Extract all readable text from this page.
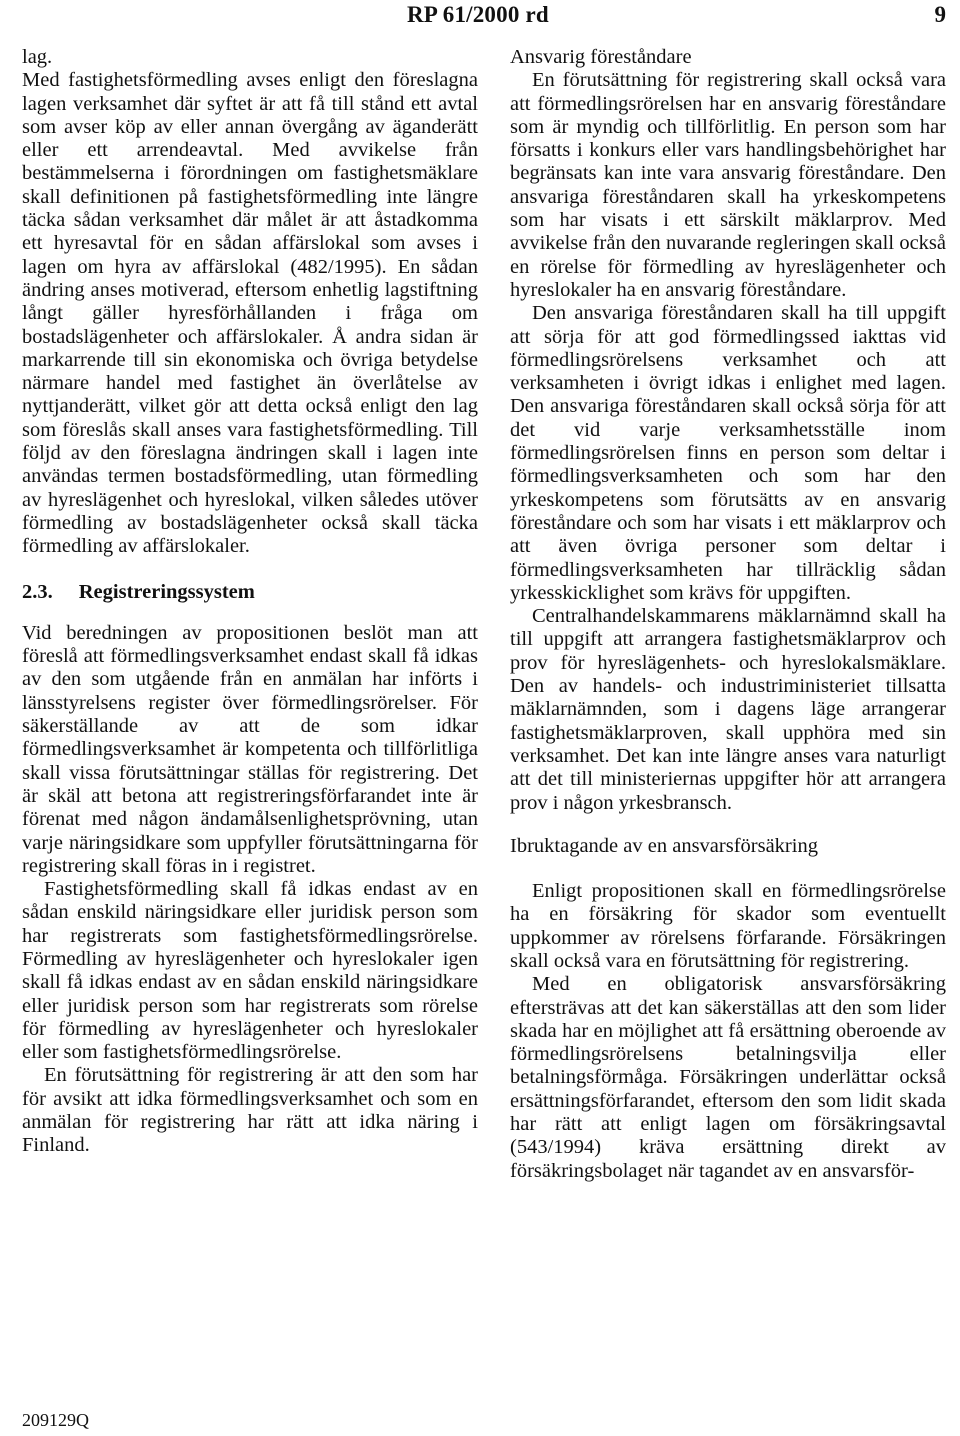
RP 61/2000 rd	9

lag.

Med fastighetsförmedling avses enligt den föreslagna lagen verksamhet där syftet är att få till stånd ett avtal som avser köp av eller annan övergång av äganderätt eller ett arrendeavtal. Med avvikelse från bestämmelserna i förordningen om fastighetsmäklare skall definitionen på fastighetsförmedling inte längre täcka sådan verksamhet där målet är att åstadkomma ett hyresavtal för en sådan affärslokal som avses i lagen om hyra av affärslokal (482/1995). En sådan ändring anses motiverad, eftersom enhetlig lagstiftning långt gäller hyresförhållanden i fråga om bostadslägenheter och affärslokaler. Å andra sidan är markarrende till sin ekonomiska och övriga betydelse närmare handel med fastighet än överlåtelse av nyttjanderätt, vilket gör att detta också enligt den lag som föreslås skall anses vara fastighetsförmedling. Till följd av den föreslagna ändringen skall i lagen inte användas termen bostadsförmedling, utan förmedling av hyreslägenhet och hyreslokal, vilken således utöver förmedling av bostadslägenheter också skall täcka förmedling av affärslokaler.

2.3. Registreringssystem

Vid beredningen av propositionen beslöt man att föreslå att förmedlingsverksamhet endast skall få idkas av den som utgående från en anmälan har införts i länsstyrelsens register över förmedlingsrörelser. För säkerställande av att de som idkar förmedlingsverksamhet är kompetenta och tillförlitliga skall vissa förutsättningar ställas för registrering. Det är skäl att betona att registreringsförfarandet inte är förenat med någon ändamålsenlighetsprövning, utan varje näringsidkare som uppfyller förutsättningarna för registrering skall föras in i registret.

Fastighetsförmedling skall få idkas endast av en sådan enskild näringsidkare eller juridisk person som har registrerats som fastighetsförmedlingsrörelse. Förmedling av hyreslägenheter och hyreslokaler igen skall få idkas endast av en sådan enskild näringsidkare eller juridisk person som har registrerats som rörelse för förmedling av hyreslägenheter och hyreslokaler eller som fastighetsförmedlingsrörelse.

En förutsättning för registrering är att den som har för avsikt att idka förmedlingsverksamhet och som en anmälan för registrering har rätt att idka näring i Finland.

Ansvarig föreståndare

En förutsättning för registrering skall också vara att förmedlingsrörelsen har en ansvarig föreståndare som är myndig och tillförlitlig. En person som har försatts i konkurs eller vars handlingsbehörighet har begränsats kan inte vara ansvarig föreståndare. Den ansvariga föreståndaren skall ha yrkeskompetens som har visats i ett särskilt mäklarprov. Med avvikelse från den nuvarande regleringen skall också en rörelse för förmedling av hyreslägenheter och hyreslokaler ha en ansvarig föreståndare.

Den ansvariga föreståndaren skall ha till uppgift att sörja för att god förmedlingssed iakttas vid förmedlingsrörelsens verksamhet och att verksamheten i övrigt idkas i enlighet med lagen. Den ansvariga föreståndaren skall också sörja för att det vid varje verksamhetsställe inom förmedlingsrörelsen finns en person som deltar i förmedlingsverksamheten och som har den yrkeskompetens som förutsätts av en ansvarig föreståndare och som har visats i ett mäklarprov och att även övriga personer som deltar i förmedlingsverksamheten har tillräcklig sådan yrkesskicklighet som krävs för uppgiften.

Centralhandelskammarens mäklarnämnd skall ha till uppgift att arrangera fastighetsmäklarprov och prov för hyreslägenhets- och hyreslokalsmäklare. Den av handels- och industriministeriet tillsatta mäklarnämnden, som i dagens läge arrangerar fastighetsmäklarproven, skall upphöra med sin verksamhet. Det kan inte längre anses vara naturligt att det till ministeriernas uppgifter hör att arrangera prov i någon yrkesbransch.

Ibruktagande av en ansvarsförsäkring

Enligt propositionen skall en förmedlingsrörelse ha en försäkring för skador som eventuellt uppkommer av rörelsens förfarande. Försäkringen skall också vara en förutsättning för registrering.

Med en obligatorisk ansvarsförsäkring eftersträvas att det kan säkerställas att den som lider skada har en möjlighet att få ersättning oberoende av förmedlingsrörelsens betalningsvilja eller betalningsförmåga. Försäkringen underlättar också ersättningsförfarandet, eftersom den som lidit skada har rätt att enligt lagen om försäkringsavtal (543/1994) kräva ersättning direkt av försäkringsbolaget när tagandet av en ansvarsför-

209129Q
